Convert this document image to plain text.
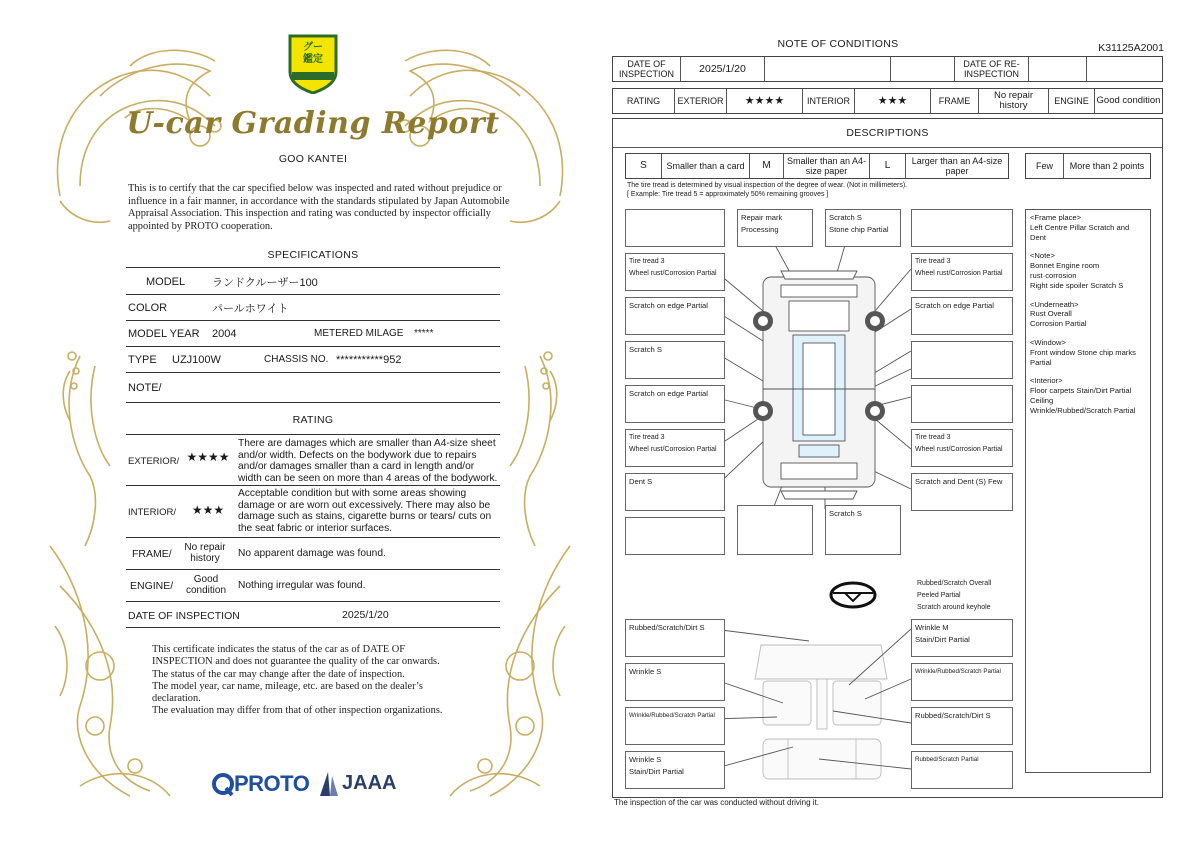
グー
鑑定
U-car Grading Report
GOO KANTEI
This is to certify that the car specified below was inspected and rated without prejudice or influence in a fair manner, in accordance with the standards stipulated by Japan Automobile Appraisal Association. This inspection and rating was conducted by inspector officially appointed by PROTO cooperation.
SPECIFICATIONS
MODEL ランドクルーザー100
COLOR	パールホワイト
MODEL YEAR 2004	METERED MILAGE *****
TYPE UZJ100W	CHASSIS NO. ***********952
NOTE/
RATING
EXTERIOR/ ★★★★
There are damages which are smaller than A4-size sheet and/or width. Defects on the bodywork due to repairs and/or damages smaller than a card in length and/or width can be seen on more than 4 areas of the bodywork.
INTERIOR/	★★★
Acceptable condition but with some areas showing damage or are worn out excessively. There may also be damage such as stains, cigarette burns or tears/ cuts on the seat fabric or interior surfaces.
FRAME/
No repair history	No apparent damage was found.
ENGINE/
Good condition	Nothing irregular was found.
DATE OF INSPECTION	2025/1/20
This certificate indicates the status of the car as of DATE OF
INSPECTION and does not guarantee the quality of the car onwards.
The status of the car may change after the date of inspection.
The model year, car name, mileage, etc. are based on the dealer’s
declaration.
The evaluation may differ from that of other inspection organizations.
PROTO JAAA
NOTE OF CONDITIONS	K31125A2001
DATE OF INSPECTION	2025/1/20	DATE OF RE-INSPECTION
RATING	EXTERIOR	★★★★	INTERIOR	★★★	FRAME	No repair history	ENGINE Good condition
DESCRIPTIONS
S	Smaller than a card	M	Smaller than an A4-size paper	L	Larger than an A4-size paper	Few	More than 2 points
The tire tread is determined by visual inspection of the degree of wear. (Not in millimeters).
[ Example: Tire tread 5 = approximately 50% remaining grooves ]
Repair mark
Processing
Scratch S
Stone chip Partial
Tire tread 3
Wheel rust/Corrosion Partial
Tire tread 3
Wheel rust/Corrosion Partial
Scratch on edge Partial	Scratch on edge Partial
Scratch S
Scratch on edge Partial
Tire tread 3
Wheel rust/Corrosion Partial
Tire tread 3
Wheel rust/Corrosion Partial
Dent S	Scratch and Dent (S) Few
Scratch S
Rubbed/Scratch Overall
Peeled Partial
Scratch around keyhole
Rubbed/Scratch/Dirt S	Wrinkle M
Stain/Dirt Partial
Wrinkle S	Wrinkle/Rubbed/Scratch Partial
Wrinkle/Rubbed/Scratch Partial	Rubbed/Scratch/Dirt S
Wrinkle S
Stain/Dirt Partial
Rubbed/Scratch Partial

<Frame place>
Left Centre Pillar Scratch and Dent

<Note>
Bonnet Engine room rust·corrosion
Right side spoiler Scratch S

<Underneath>
Rust Overall
Corrosion Partial

<Window>
Front window Stone chip marks Partial

<Interior>
Floor carpets Stain/Dirt Partial
Ceiling
Wrinkle/Rubbed/Scratch Partial

The inspection of the car was conducted without driving it.
